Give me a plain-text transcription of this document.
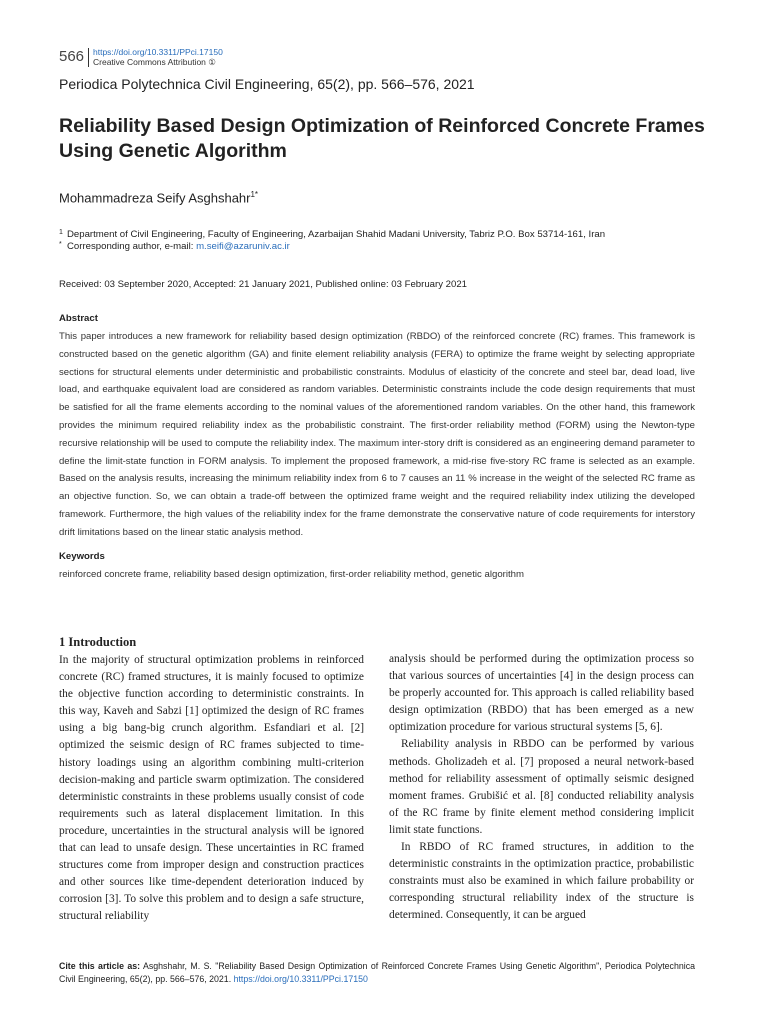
566 https://doi.org/10.3311/PPci.17150
Creative Commons Attribution ①
Periodica Polytechnica Civil Engineering, 65(2), pp. 566–576, 2021
Reliability Based Design Optimization of Reinforced Concrete Frames Using Genetic Algorithm
Mohammadreza Seify Asghshahr$^{1*}$
1 Department of Civil Engineering, Faculty of Engineering, Azarbaijan Shahid Madani University, Tabriz P.O. Box 53714-161, Iran
* Corresponding author, e-mail: m.seifi@azaruniv.ac.ir
Received: 03 September 2020, Accepted: 21 January 2021, Published online: 03 February 2021
Abstract
This paper introduces a new framework for reliability based design optimization (RBDO) of the reinforced concrete (RC) frames. This framework is constructed based on the genetic algorithm (GA) and finite element reliability analysis (FERA) to optimize the frame weight by selecting appropriate sections for structural elements under deterministic and probabilistic constraints. Modulus of elasticity of the concrete and steel bar, dead load, live load, and earthquake equivalent load are considered as random variables. Deterministic constraints include the code design requirements that must be satisfied for all the frame elements according to the nominal values of the aforementioned random variables. On the other hand, this framework provides the minimum required reliability index as the probabilistic constraint. The first-order reliability method (FORM) using the Newton-type recursive relationship will be used to compute the reliability index. The maximum inter-story drift is considered as an engineering demand parameter to define the limit-state function in FORM analysis. To implement the proposed framework, a mid-rise five-story RC frame is selected as an example. Based on the analysis results, increasing the minimum reliability index from 6 to 7 causes an 11 % increase in the weight of the selected RC frame as an objective function. So, we can obtain a trade-off between the optimized frame weight and the required reliability index utilizing the developed framework. Furthermore, the high values of the reliability index for the frame demonstrate the conservative nature of code requirements for interstory drift limitations based on the linear static analysis method.
Keywords
reinforced concrete frame, reliability based design optimization, first-order reliability method, genetic algorithm
1 Introduction

In the majority of structural optimization problems in reinforced concrete (RC) framed structures, it is mainly focused to optimize the objective function according to deterministic constraints. In this way, Kaveh and Sabzi [1] optimized the design of RC frames using a big bang-big crunch algorithm. Esfandiari et al. [2] optimized the seismic design of RC frames subjected to time-history loadings using an algorithm combining multi-criterion decision-making and particle swarm optimization. The considered deterministic constraints in these problems usually consist of code requirements such as lateral displacement limitation. In this procedure, uncertainties in the structural analysis will be ignored that can lead to unsafe design. These uncertainties in RC framed structures come from improper design and construction practices and other sources like time-dependent deterioration induced by corrosion [3]. To solve this problem and to design a safe structure, structural reliability

analysis should be performed during the optimization process so that various sources of uncertainties [4] in the design process can be properly accounted for. This approach is called reliability based design optimization (RBDO) that has been emerged as a new optimization procedure for various structural systems [5, 6].

Reliability analysis in RBDO can be performed by various methods. Gholizadeh et al. [7] proposed a neural network-based method for reliability assessment of optimally seismic designed moment frames. Grubišić et al. [8] conducted reliability analysis of the RC frame by finite element method considering implicit limit state functions.

In RBDO of RC framed structures, in addition to the deterministic constraints in the optimization practice, probabilistic constraints must also be examined in which failure probability or corresponding structural reliability index of the structure is determined. Consequently, it can be argued

Cite this article as: Asghshahr, M. S. "Reliability Based Design Optimization of Reinforced Concrete Frames Using Genetic Algorithm", Periodica Polytechnica Civil Engineering, 65(2), pp. 566–576, 2021. https://doi.org/10.3311/PPci.17150
